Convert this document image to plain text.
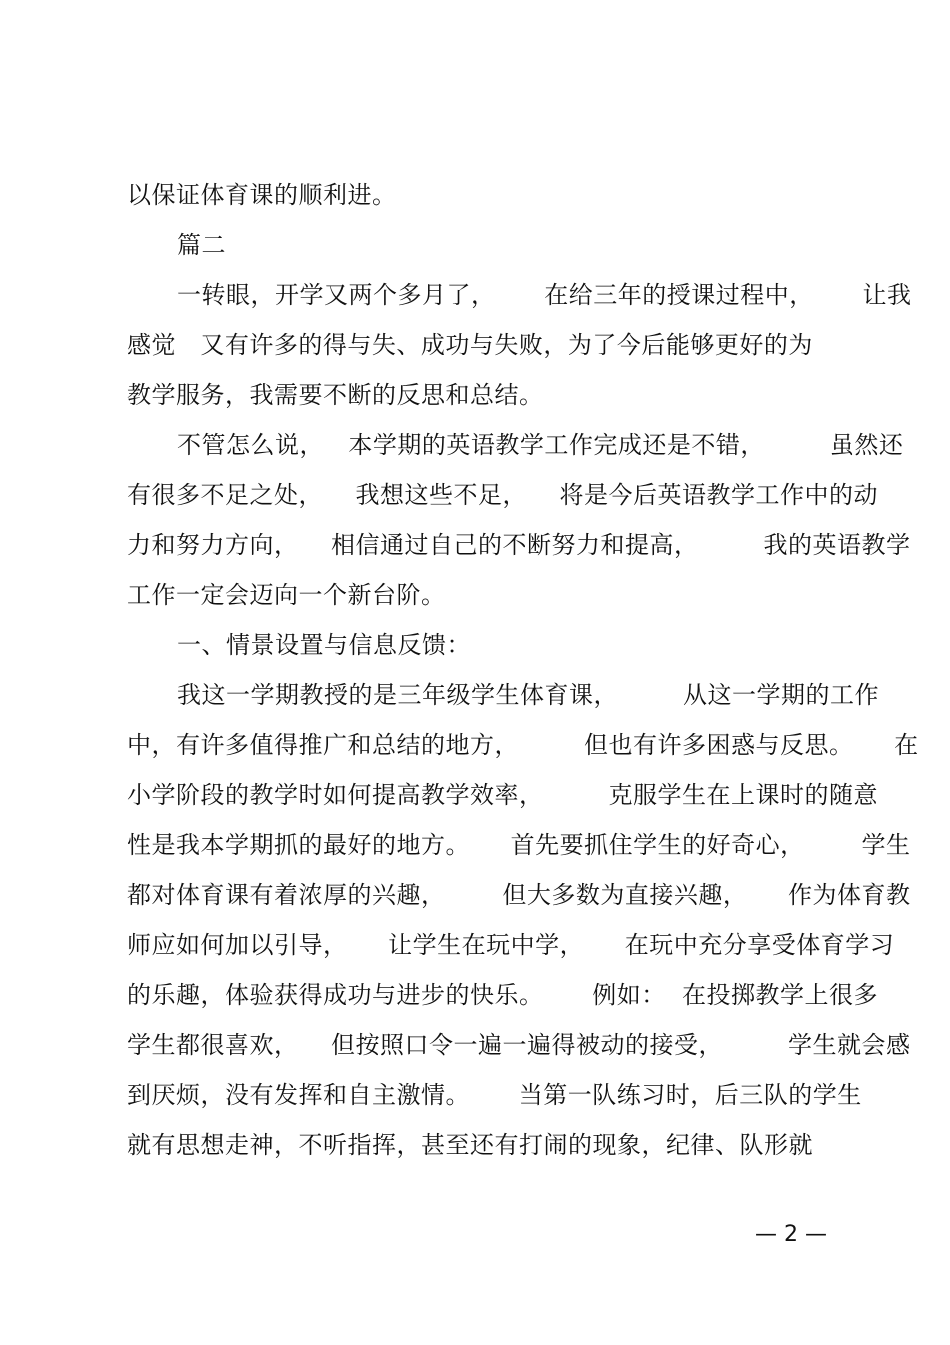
以保证体育课的顺利进。
篇二
一转眼，开学又两个多月了，      在给三年的授课过程中，      让我
感觉   又有许多的得与失、成功与失败，为了今后能够更好的为
教学服务，我需要不断的反思和总结。
不管怎么说，   本学期的英语教学工作完成还是不错，        虽然还
有很多不足之处，    我想这些不足，    将是今后英语教学工作中的动
力和努力方向，    相信通过自己的不断努力和提高，        我的英语教学
工作一定会迈向一个新台阶。
一、情景设置与信息反馈：
我这一学期教授的是三年级学生体育课，        从这一学期的工作
中，有许多值得推广和总结的地方，        但也有许多困惑与反思。     在
小学阶段的教学时如何提高教学效率，        克服学生在上课时的随意
性是我本学期抓的最好的地方。     首先要抓住学生的好奇心，       学生
都对体育课有着浓厚的兴趣，       但大多数为直接兴趣，     作为体育教
师应如何加以引导，     让学生在玩中学，     在玩中充分享受体育学习
的乐趣，体验获得成功与进步的快乐。      例如：  在投掷教学上很多
学生都很喜欢，    但按照口令一遍一遍得被动的接受，        学生就会感
到厌烦，没有发挥和自主激情。      当第一队练习时，后三队的学生
就有思想走神，不听指挥，甚至还有打闹的现象，纪律、队形就
— 2 —
